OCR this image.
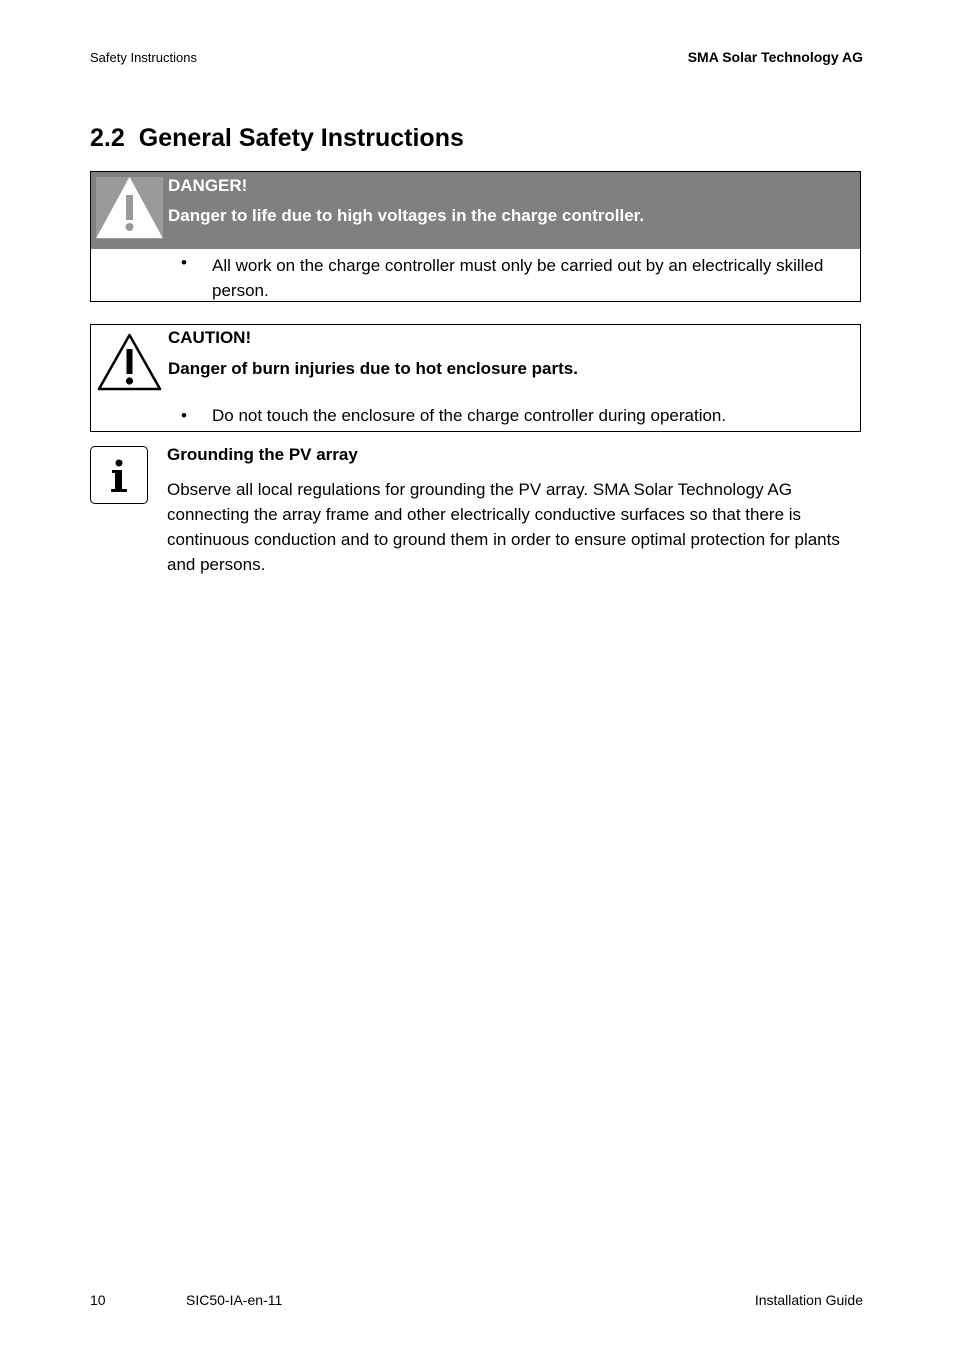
Safety Instructions	SMA Solar Technology AG
2.2 General Safety Instructions
DANGER!
Danger to life due to high voltages in the charge controller.
• All work on the charge controller must only be carried out by an electrically skilled person.
CAUTION!
Danger of burn injuries due to hot enclosure parts.
• Do not touch the enclosure of the charge controller during operation.
Grounding the PV array
Observe all local regulations for grounding the PV array. SMA Solar Technology AG connecting the array frame and other electrically conductive surfaces so that there is continuous conduction and to ground them in order to ensure optimal protection for plants and persons.
10	SIC50-IA-en-11	Installation Guide
